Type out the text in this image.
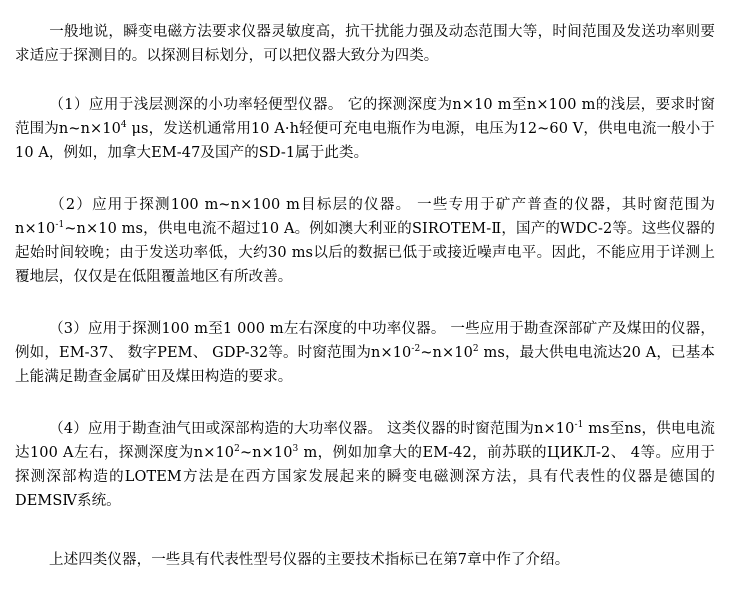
一般地说，瞬变电磁方法要求仪器灵敏度高，抗干扰能力强及动态范围大等，时间范围及发送功率则要求适应于探测目的。以探测目标划分，可以把仪器大致分为四类。
（1）应用于浅层测深的小功率轻便型仪器。 它的探测深度为n×10 m至n×100 m的浅层，要求时窗范围为$n\sim n\times 10^4$ μs，发送机通常用10 A·h轻便可充电电瓶作为电源，电压为12~60 V，供电电流一般小于10 A，例如，加拿大EM-47及国产的SD-1属于此类。
（2）应用于探测100 m~n×100 m目标层的仪器。 一些专用于矿产普查的仪器，其时窗范围为$n\times 10^{-1}\sim n\times 10$ ms，供电电流不超过10 A。例如澳大利亚的SIROTEM-Ⅱ，国产的WDC-2等。这些仪器的起始时间较晚；由于发送功率低，大约30 ms以后的数据已低于或接近噪声电平。因此，不能应用于详测上覆地层，仅仅是在低阻覆盖地区有所改善。
（3）应用于探测100 m至1 000 m左右深度的中功率仪器。 一些应用于勘查深部矿产及煤田的仪器，例如，EM-37、 数字PEM、 GDP-32等。时窗范围为$n\times 10^{-2}\sim n\times 10^2$ ms，最大供电电流达20 A，已基本上能满足勘查金属矿田及煤田构造的要求。
（4）应用于勘查油气田或深部构造的大功率仪器。 这类仪器的时窗范围为$n\times 10^{-1}$ ms至ns，供电电流达100 A左右，探测深度为$n\times 10^2\sim n\times 10^3$ m，例如加拿大的EM-42，前苏联的ЦИКЛ-2、 4等。应用于探测深部构造的LOTEM方法是在西方国家发展起来的瞬变电磁测深方法，具有代表性的仪器是德国的DEMSⅣ系统。
上述四类仪器，一些具有代表性型号仪器的主要技术指标已在第7章中作了介绍。
